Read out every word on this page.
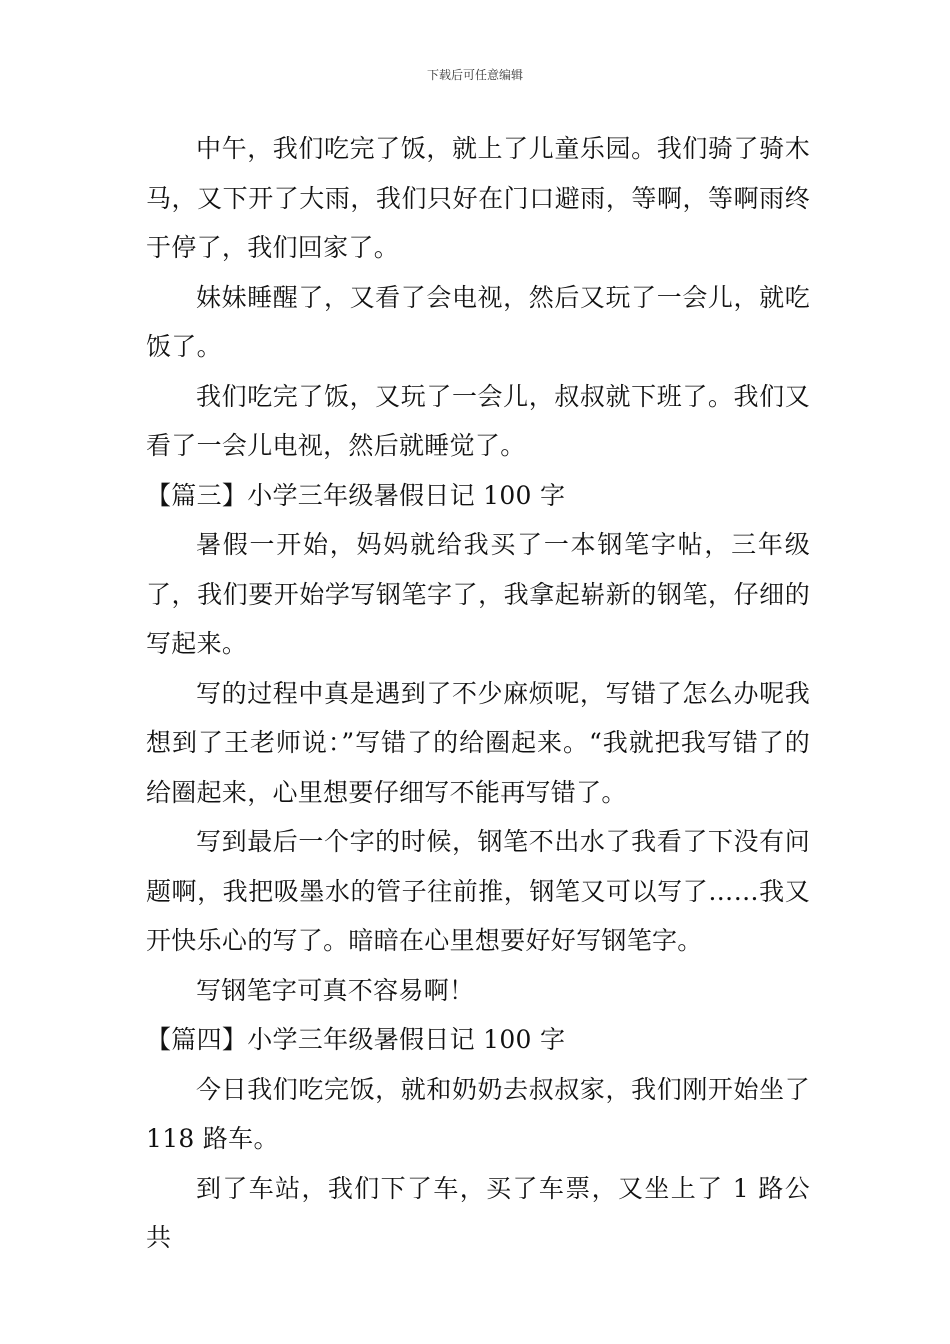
下载后可任意编辑

中午，我们吃完了饭，就上了儿童乐园。我们骑了骑木马，又下开了大雨，我们只好在门口避雨，等啊，等啊雨终于停了，我们回家了。

妹妹睡醒了，又看了会电视，然后又玩了一会儿，就吃饭了。

我们吃完了饭，又玩了一会儿，叔叔就下班了。我们又看了一会儿电视，然后就睡觉了。

【篇三】小学三年级暑假日记 100 字

暑假一开始，妈妈就给我买了一本钢笔字帖，三年级了，我们要开始学写钢笔字了，我拿起崭新的钢笔，仔细的写起来。

写的过程中真是遇到了不少麻烦呢，写错了怎么办呢我想到了王老师说：”写错了的给圈起来。“我就把我写错了的给圈起来，心里想要仔细写不能再写错了。

写到最后一个字的时候，钢笔不出水了我看了下没有问题啊，我把吸墨水的管子往前推，钢笔又可以写了……我又开快乐心的写了。暗暗在心里想要好好写钢笔字。

写钢笔字可真不容易啊！

【篇四】小学三年级暑假日记 100 字

今日我们吃完饭，就和奶奶去叔叔家，我们刚开始坐了 118 路车。

到了车站，我们下了车，买了车票，又坐上了 1 路公共
